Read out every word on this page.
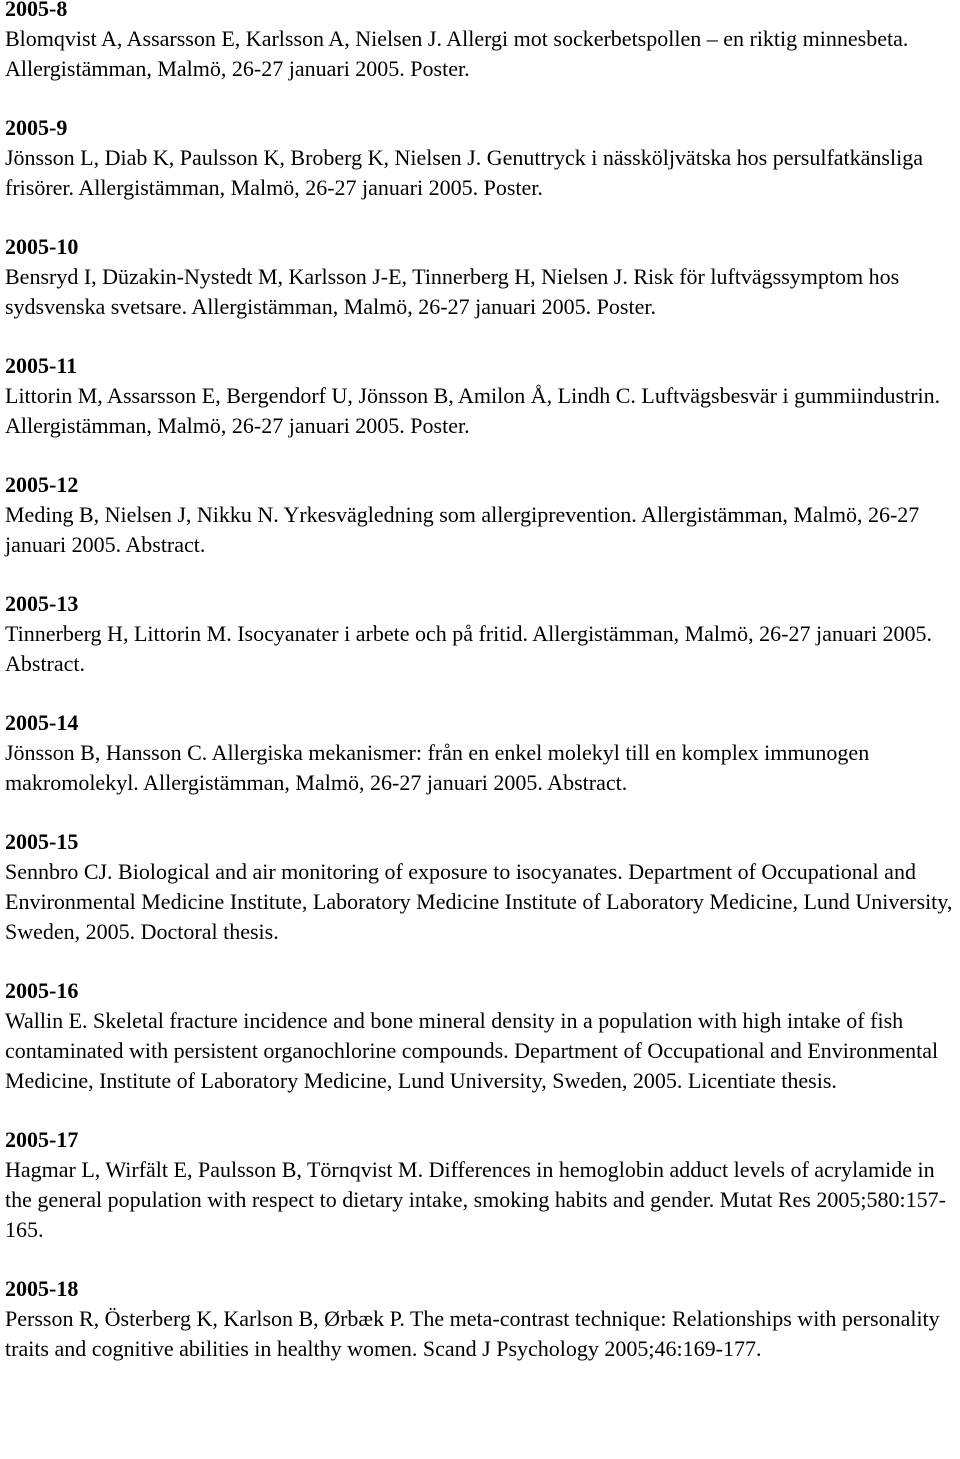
2005-8
Blomqvist A, Assarsson E, Karlsson A, Nielsen J. Allergi mot sockerbetspollen – en riktig minnesbeta. Allergistämman, Malmö, 26-27 januari 2005. Poster.
2005-9
Jönsson L, Diab K, Paulsson K, Broberg K, Nielsen J. Genuttryck i nässköljvätska hos persulfatkänsliga frisörer. Allergistämman, Malmö, 26-27 januari 2005. Poster.
2005-10
Bensryd I, Düzakin-Nystedt M, Karlsson J-E, Tinnerberg H, Nielsen J. Risk för luftvägssymptom hos sydsvenska svetsare. Allergistämman, Malmö, 26-27 januari 2005. Poster.
2005-11
Littorin M, Assarsson E, Bergendorf U, Jönsson B, Amilon Å, Lindh C. Luftvägsbesvär i gummiindustrin. Allergistämman, Malmö, 26-27 januari 2005. Poster.
2005-12
Meding B, Nielsen J, Nikku N. Yrkesvägledning som allergiprevention. Allergistämman, Malmö, 26-27 januari 2005. Abstract.
2005-13
Tinnerberg H, Littorin M. Isocyanater i arbete och på fritid. Allergistämman, Malmö, 26-27 januari 2005. Abstract.
2005-14
Jönsson B, Hansson C. Allergiska mekanismer: från en enkel molekyl till en komplex immunogen makromolekyl. Allergistämman, Malmö, 26-27 januari 2005. Abstract.
2005-15
Sennbro CJ. Biological and air monitoring of exposure to isocyanates. Department of Occupational and Environmental Medicine Institute, Laboratory Medicine Institute of Laboratory Medicine, Lund University, Sweden, 2005. Doctoral thesis.
2005-16
Wallin E. Skeletal fracture incidence and bone mineral density in a population with high intake of fish contaminated with persistent organochlorine compounds. Department of Occupational and Environmental Medicine, Institute of Laboratory Medicine, Lund University, Sweden, 2005. Licentiate thesis.
2005-17
Hagmar L, Wirfält E, Paulsson B, Törnqvist M. Differences in hemoglobin adduct levels of acrylamide in the general population with respect to dietary intake, smoking habits and gender. Mutat Res 2005;580:157-165.
2005-18
Persson R, Österberg K, Karlson B, Ørbæk P. The meta-contrast technique: Relationships with personality traits and cognitive abilities in healthy women. Scand J Psychology 2005;46:169-177.
